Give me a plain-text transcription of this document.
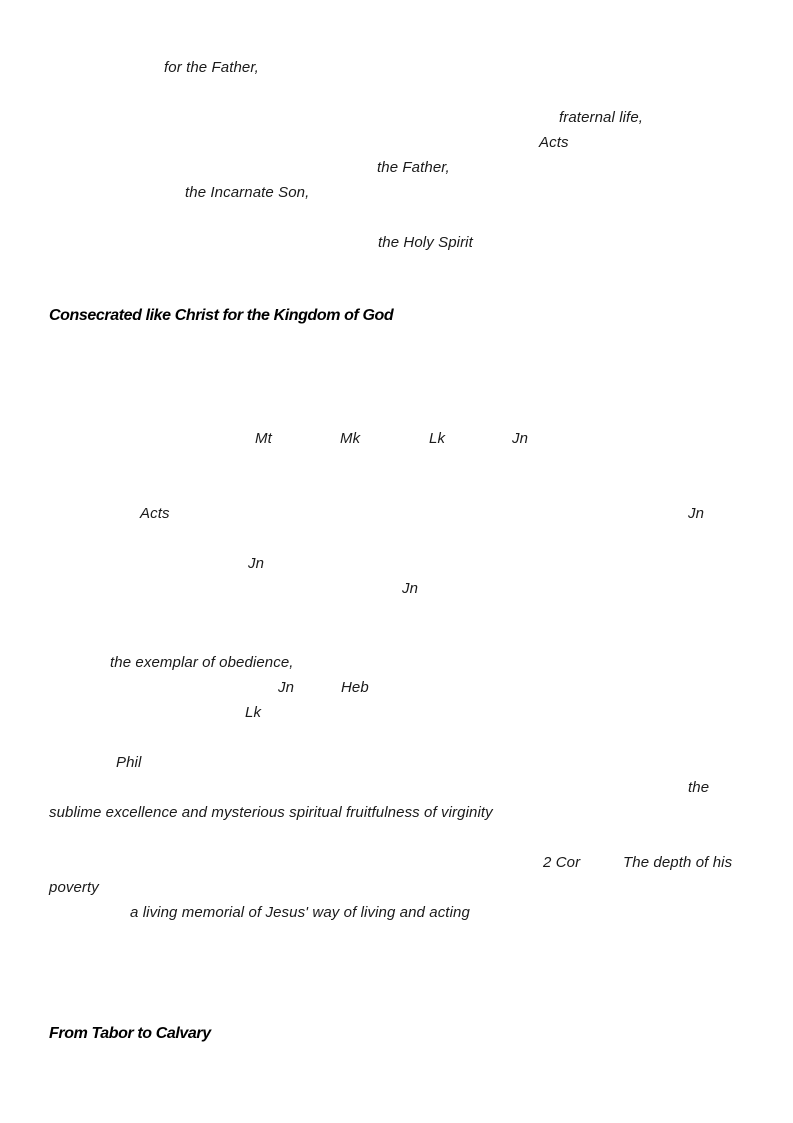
for the Father,
fraternal life,
Acts
the Father,
the Incarnate Son,
the Holy Spirit
Consecrated like Christ for the Kingdom of God
Mt	Mk	Lk	Jn
Acts	Jn
Jn
Jn
the exemplar of obedience,
Jn	Heb
Lk
Phil
the
sublime excellence and mysterious spiritual fruitfulness of virginity
2 Cor	The depth of his
poverty
a living memorial of Jesus' way of living and acting
From Tabor to Calvary
